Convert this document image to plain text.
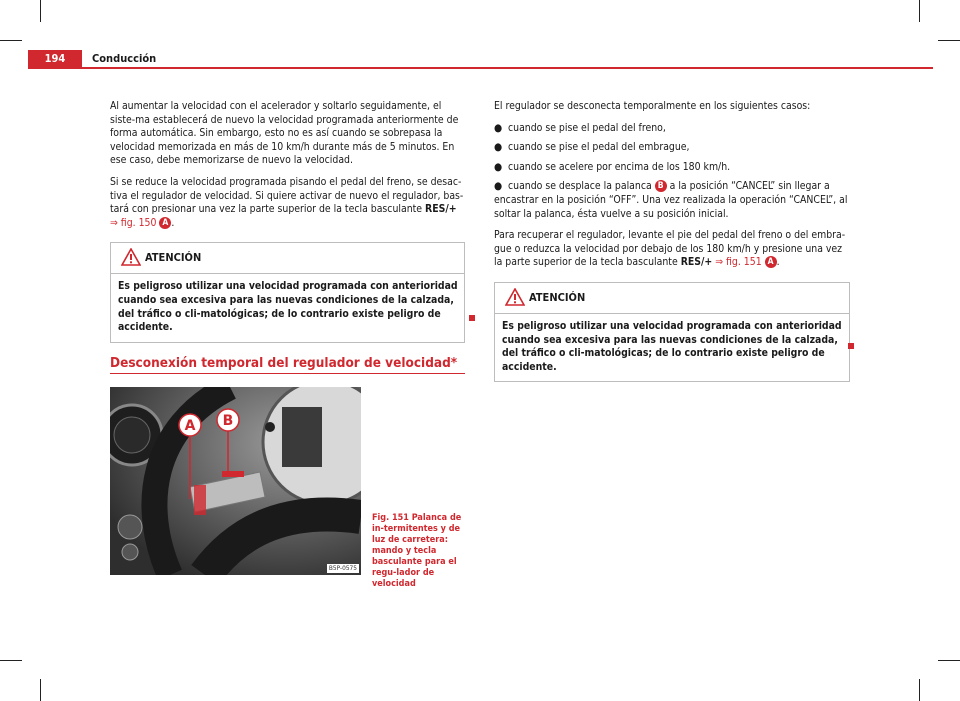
194	Conducción

Al aumentar la velocidad con el acelerador y soltarlo seguidamente, el siste-ma establecerá de nuevo la velocidad programada anteriormente de forma automática. Sin embargo, esto no es así cuando se sobrepasa la velocidad memorizada en más de 10 km/h durante más de 5 minutos. En ese caso, debe memorizarse de nuevo la velocidad.

Si se reduce la velocidad programada pisando el pedal del freno, se desac-tiva el regulador de velocidad. Si quiere activar de nuevo el regulador, bas-tará con presionar una vez la parte superior de la tecla basculante RES/+
⇒ fig. 150 A .

ATENCIÓN
Es peligroso utilizar una velocidad programada con anterioridad cuando sea excesiva para las nuevas condiciones de la calzada, del tráfico o cli-matológicas; de lo contrario existe peligro de accidente.
Desconexión temporal del regulador de velocidad*
A B
B5P-0575
Fig. 151 Palanca de in-termitentes y de luz de carretera: mando y tecla basculante para el regu-lador de velocidad

El regulador se desconecta temporalmente en los siguientes casos:

● cuando se pise el pedal del freno,
● cuando se pise el pedal del embrague,
● cuando se acelere por encima de los 180 km/h.
● cuando se desplace la palanca B a la posición “CANCEL” sin llegar a encastrar en la posición “OFF”. Una vez realizada la operación “CANCEL”, al soltar la palanca, ésta vuelve a su posición inicial.

Para recuperar el regulador, levante el pie del pedal del freno o del embra-gue o reduzca la velocidad por debajo de los 180 km/h y presione una vez la parte superior de la tecla basculante RES/+ ⇒ fig. 151 A .

ATENCIÓN
Es peligroso utilizar una velocidad programada con anterioridad cuando sea excesiva para las nuevas condiciones de la calzada, del tráfico o cli-matológicas; de lo contrario existe peligro de accidente.
